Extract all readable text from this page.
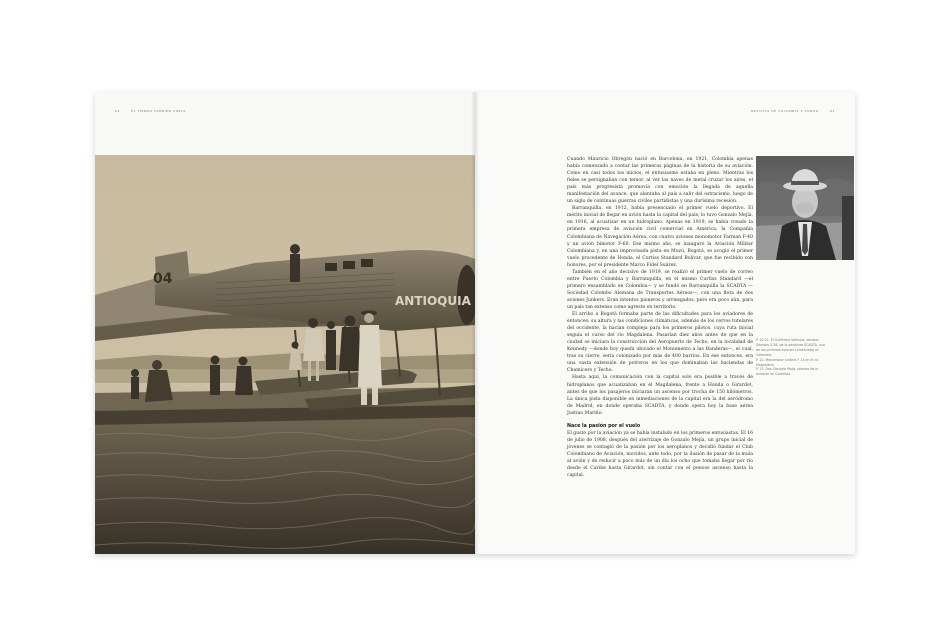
62	EL TIEMPO TAMBIÉN VUELA
ANTIOQUIA
04
NOTICIAS DE COLOMBIA A FONDO	63

Cuando Mauricio Obregón nació en Barcelona, en 1921, Colombia apenas había comenzado a contar las primeras páginas de la historia de su aviación. Como en casi todos los inicios, el entusiasmo estaba en pleno. Mientras los fieles se persignaban con temor, al ver las naves de metal cruzar los aires, el país más progresista promovía con emoción la llegada de aquella manifestación del avance, que alentaba al país a salir del ostracismo, luego de un siglo de continuas guerras civiles partidistas y una durísima recesión.

Barranquilla, en 1912, había presenciado el primer vuelo deportivo. El mérito inicial de llegar en avión hasta la capital del país, lo tuvo Gonzalo Mejía, en 1916, al acuatizar en un hidroplano. Apenas en 1919, se había creado la primera empresa de aviación civil comercial en América, la Compañía Colombiana de Navegación Aérea, con cuatro aviones monomotor Farman F-40 y un avión bimotor F-60. Ese mismo año, se inauguró la Aviación Militar Colombiana y, en una improvisada pista en Muzú, Bogotá, se acogió el primer vuelo procedente de Honda, el Curtiss Standard Bolívar, que fue recibido con honores, por el presidente Marco Fidel Suárez.

También en el año decisivo de 1919, se realizó el primer vuelo de correo entre Puerto Colombia y Barranquilla, en el mismo Curtiss Standard —el primero ensamblado en Colombia— y se fundó en Barranquilla la SCADTA —Sociedad Colombo Alemana de Transportes Aéreos—, con una flota de dos aviones Junkers. Eran intentos pioneros y arriesgados, pero era poco aún, para un país tan extenso como agreste en territorio.

El arribo a Bogotá formaba parte de las dificultades para los aviadores de entonces: su altura y las condiciones climáticas, además de los cerros tutelares del occidente, la hacían compleja para los primeros pilotos, cuya ruta inicial seguía el curso del río Magdalena. Pasarían diez años antes de que en la ciudad se iniciara la construcción del Aeropuerto de Techo, en la localidad de Kennedy —donde hoy queda ubicado el Monumento a las Banderas—, el cual, tras su cierre, sería colonizado por más de 400 barrios. En ese entonces, era una vasta extensión de potreros en los que dominaban las haciendas de Chamicero y Techo.

Hasta aquí, la comunicación con la capital solo era posible a través de hidroplanos que acuatizaban en el Magdalena, frente a Honda o Girardot, antes de que los pasajeros iniciaran un ascenso por trocha de 150 kilómetros. La única pista disponible en inmediaciones de la capital era la del aeródromo de Madrid, en donde operaba SCADTA, y donde opera hoy la base aérea Justino Mariño.

Nace la pasión por el vuelo

El gusto por la aviación ya se había instalado en los primeros entusiastas. El 16 de julio de 1908, después del aterrizaje de Gonzalo Mejía, un grupo inicial de jóvenes se contagió de la pasión por los aeroplanos y decidió fundar el Club Colombiano de Aviación, movidos, ante todo, por la ilusión de pasar de la mula al avión y de reducir a poco más de un día los ocho que tomaba llegar por río desde el Caribe hasta Girardot, sin contar con el penoso ascenso hasta la capital.

P. 20-21. El Guillermo Valencia, bimotor Sikorsky S-38, de la aerolínea SCADTA, uno de los primeros aviones comerciales en Colombia.

P. 22. Monomotor Junkers F 13 en el río Magdalena.

P. 23. Don Gonzalo Mejía, pionero de la aviación en Colombia.
